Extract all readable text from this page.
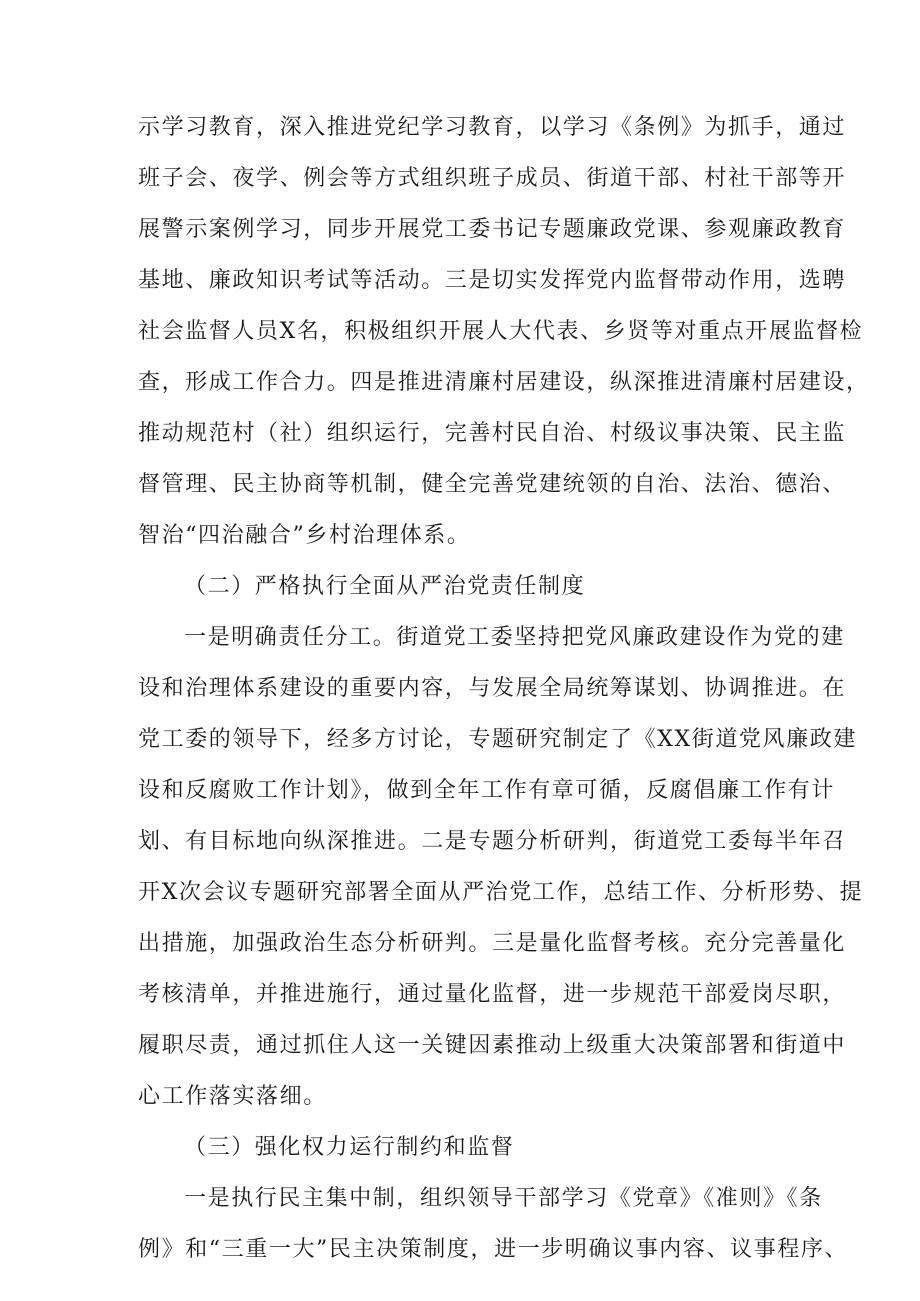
示学习教育，深入推进党纪学习教育，以学习《条例》为抓手，通过
班子会、夜学、例会等方式组织班子成员、街道干部、村社干部等开
展警示案例学习，同步开展党工委书记专题廉政党课、参观廉政教育
基地、廉政知识考试等活动。三是切实发挥党内监督带动作用，选聘
社会监督人员X名，积极组织开展人大代表、乡贤等对重点开展监督检
查，形成工作合力。四是推进清廉村居建设，纵深推进清廉村居建设，
推动规范村（社）组织运行，完善村民自治、村级议事决策、民主监
督管理、民主协商等机制，健全完善党建统领的自治、法治、德治、
智治“四治融合”乡村治理体系。
（二）严格执行全面从严治党责任制度
一是明确责任分工。街道党工委坚持把党风廉政建设作为党的建
设和治理体系建设的重要内容，与发展全局统筹谋划、协调推进。在
党工委的领导下，经多方讨论，专题研究制定了《XX街道党风廉政建
设和反腐败工作计划》，做到全年工作有章可循，反腐倡廉工作有计
划、有目标地向纵深推进。二是专题分析研判，街道党工委每半年召
开X次会议专题研究部署全面从严治党工作，总结工作、分析形势、提
出措施，加强政治生态分析研判。三是量化监督考核。充分完善量化
考核清单，并推进施行，通过量化监督，进一步规范干部爱岗尽职，
履职尽责，通过抓住人这一关键因素推动上级重大决策部署和街道中
心工作落实落细。
（三）强化权力运行制约和监督
一是执行民主集中制，组织领导干部学习《党章》《准则》《条
例》和“三重一大”民主决策制度，进一步明确议事内容、议事程序、
